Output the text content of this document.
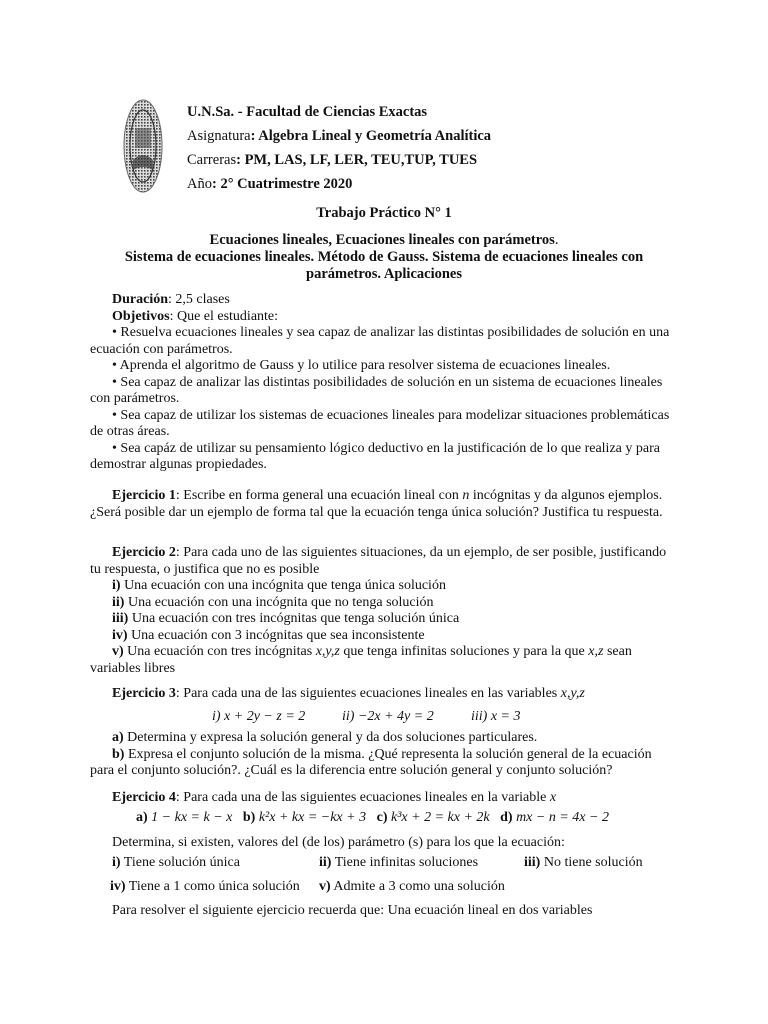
U.N.Sa. - Facultad de Ciencias Exactas
Asignatura: Algebra Lineal y Geometría Analítica
Carreras: PM, LAS, LF, LER, TEU,TUP, TUES
Año: 2° Cuatrimestre 2020
Trabajo Práctico N° 1
Ecuaciones lineales, Ecuaciones lineales con parámetros.
Sistema de ecuaciones lineales. Método de Gauss. Sistema de ecuaciones lineales con
parámetros. Aplicaciones

Duración: 2,5 clases

Objetivos: Que el estudiante:

• Resuelva ecuaciones lineales y sea capaz de analizar las distintas posibilidades de solución en una ecuación con parámetros.

• Aprenda el algoritmo de Gauss y lo utilice para resolver sistema de ecuaciones lineales.

• Sea capaz de analizar las distintas posibilidades de solución en un sistema de ecuaciones lineales con parámetros.

• Sea capaz de utilizar los sistemas de ecuaciones lineales para modelizar situaciones problemáticas de otras áreas.

• Sea capáz de utilizar su pensamiento lógico deductivo en la justificación de lo que realiza y para demostrar algunas propiedades.

Ejercicio 1: Escribe en forma general una ecuación lineal con n incógnitas y da algunos ejemplos. ¿Será posible dar un ejemplo de forma tal que la ecuación tenga única solución? Justifica tu respuesta.

Ejercicio 2: Para cada uno de las siguientes situaciones, da un ejemplo, de ser posible, justificando tu respuesta, o justifica que no es posible

i) Una ecuación con una incógnita que tenga única solución

ii) Una ecuación con una incógnita que no tenga solución

iii) Una ecuación con tres incógnitas que tenga solución única

iv) Una ecuación con 3 incógnitas que sea inconsistente

v) Una ecuación con tres incógnitas x,y,z que tenga infinitas soluciones y para la que x,z sean variables libres

Ejercicio 3: Para cada una de las siguientes ecuaciones lineales en las variables x,y,z

i) x + 2y − z = 2	ii) −2x + 4y = 2	iii) x = 3

a) Determina y expresa la solución general y da dos soluciones particulares.

b) Expresa el conjunto solución de la misma. ¿Qué representa la solución general de la ecuación para el conjunto solución?. ¿Cuál es la diferencia entre solución general y conjunto solución?

Ejercicio 4: Para cada una de las siguientes ecuaciones lineales en la variable x

a) 1 − kx = k − x b) k²x + kx = −kx + 3 c) k³x + 2 = kx + 2k d) mx − n = 4x − 2

Determina, si existen, valores del (de los) parámetro (s) para los que la ecuación:

i) Tiene solución única	ii) Tiene infinitas soluciones	iii) No tiene solución
iv) Tiene a 1 como única solución v) Admite a 3 como una solución

Para resolver el siguiente ejercicio recuerda que: Una ecuación lineal en dos variables
